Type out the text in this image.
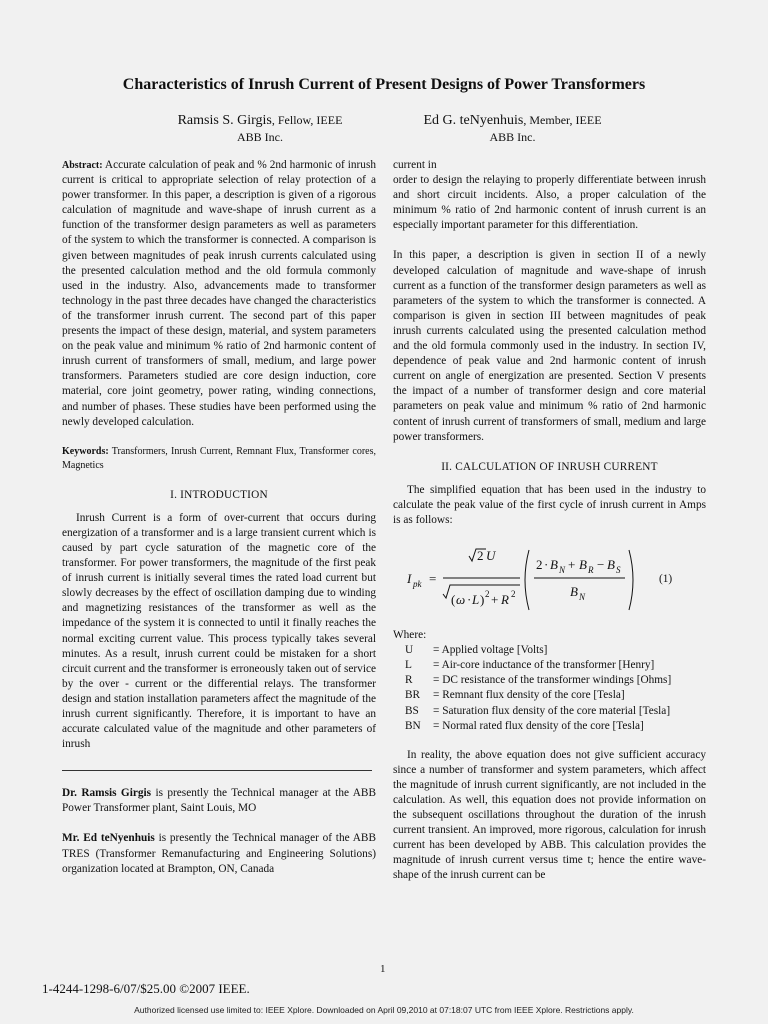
Characteristics of Inrush Current of Present Designs of Power Transformers
Ramsis S. Girgis, Fellow, IEEE
ABB Inc.
Ed G. teNyenhuis, Member, IEEE
ABB Inc.

Abstract: Accurate calculation of peak and % 2nd harmonic of inrush current is critical to appropriate selection of relay protection of a power transformer. In this paper, a description is given of a rigorous calculation of magnitude and wave-shape of inrush current as a function of the transformer design parameters as well as parameters of the system to which the transformer is connected. A comparison is given between magnitudes of peak inrush currents calculated using the presented calculation method and the old formula commonly used in the industry. Also, advancements made to transformer technology in the past three decades have changed the characteristics of the transformer inrush current. The second part of this paper presents the impact of these design, material, and system parameters on the peak value and minimum % ratio of 2nd harmonic content of inrush current of transformers of small, medium, and large power transformers. Parameters studied are core design induction, core material, core joint geometry, power rating, winding connections, and number of phases. These studies have been performed using the newly developed calculation.

Keywords: Transformers, Inrush Current, Remnant Flux, Transformer cores, Magnetics

I. INTRODUCTION

Inrush Current is a form of over-current that occurs during energization of a transformer and is a large transient current which is caused by part cycle saturation of the magnetic core of the transformer. For power transformers, the magnitude of the first peak of inrush current is initially several times the rated load current but slowly decreases by the effect of oscillation damping due to winding and magnetizing resistances of the transformer as well as the impedance of the system it is connected to until it finally reaches the normal exciting current value. This process typically takes several minutes. As a result, inrush current could be mistaken for a short circuit current and the transformer is erroneously taken out of service by the over - current or the differential relays. The transformer design and station installation parameters affect the magnitude of the inrush current significantly. Therefore, it is important to have an accurate calculated value of the magnitude and other parameters of inrush

Dr. Ramsis Girgis is presently the Technical manager at the ABB Power Transformer plant, Saint Louis, MO

Mr. Ed teNyenhuis is presently the Technical manager of the ABB TRES (Transformer Remanufacturing and Engineering Solutions) organization located at Brampton, ON, Canada

current in
order to design the relaying to properly differentiate between inrush and short circuit incidents. Also, a proper calculation of the minimum % ratio of 2nd harmonic content of inrush current is an especially important parameter for this differentiation.

In this paper, a description is given in section II of a newly developed calculation of magnitude and wave-shape of inrush current as a function of the transformer design parameters as well as parameters of the system to which the transformer is connected. A comparison is given in section III between magnitudes of peak inrush currents calculated using the presented calculation method and the old formula commonly used in the industry. In section IV, dependence of peak value and 2nd harmonic content of inrush current on angle of energization are presented. Section V presents the impact of a number of transformer design and core material parameters on peak value and minimum % ratio of 2nd harmonic content of inrush current of transformers of small, medium and large power transformers.

II. CALCULATION OF INRUSH CURRENT

The simplified equation that has been used in the industry to calculate the peak value of the first cycle of inrush current in Amps is as follows:

I pk =
2 U
( ω · L ) 2 + R 2
2 · B N + B R − B S
B N
(1)

Where:

U	= Applied voltage [Volts]
L	= Air-core inductance of the transformer [Henry]
R	= DC resistance of the transformer windings [Ohms]
BR	= Remnant flux density of the core [Tesla]
BS	= Saturation flux density of the core material [Tesla]
BN	= Normal rated flux density of the core [Tesla]

In reality, the above equation does not give sufficient accuracy since a number of transformer and system parameters, which affect the magnitude of inrush current significantly, are not included in the calculation. As well, this equation does not provide information on the subsequent oscillations throughout the duration of the inrush current transient. An improved, more rigorous, calculation for inrush current has been developed by ABB. This calculation provides the magnitude of inrush current versus time t; hence the entire wave-shape of the inrush current can be

1
1-4244-1298-6/07/$25.00 ©2007 IEEE.
Authorized licensed use limited to: IEEE Xplore. Downloaded on April 09,2010 at 07:18:07 UTC from IEEE Xplore. Restrictions apply.
